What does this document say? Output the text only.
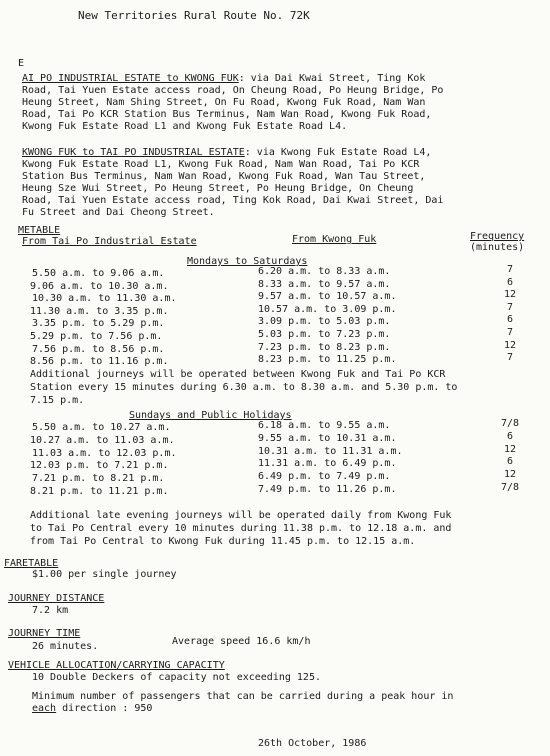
New Territories Rural Route No. 72K
E
AI PO INDUSTRIAL ESTATE to KWONG FUK: via Dai Kwai Street, Ting Kok
Road, Tai Yuen Estate access road, On Cheung Road, Po Heung Bridge, Po
Heung Street, Nam Shing Street, On Fu Road, Kwong Fuk Road, Nam Wan
Road, Tai Po KCR Station Bus Terminus, Nam Wan Road, Kwong Fuk Road,
Kwong Fuk Estate Road L1 and Kwong Fuk Estate Road L4.
KWONG FUK to TAI PO INDUSTRIAL ESTATE: via Kwong Fuk Estate Road L4,
Kwong Fuk Estate Road L1, Kwong Fuk Road, Nam Wan Road, Tai Po KCR
Station Bus Terminus, Nam Wan Road, Kwong Fuk Road, Wan Tau Street,
Heung Sze Wui Street, Po Heung Street, Po Heung Bridge, On Cheung
Road, Tai Yuen Estate access road, Ting Kok Road, Dai Kwai Street, Dai
Fu Street and Dai Cheong Street.
METABLE
From Tai Po Industrial Estate	From Kwong Fuk	Frequency
(minutes)
Mondays to Saturdays
5.50 a.m. to 9.06 a.m.	6.20 a.m. to 8.33 a.m.	7
9.06 a.m. to 10.30 a.m.	8.33 a.m. to 9.57 a.m.	6
10.30 a.m. to 11.30 a.m.	9.57 a.m. to 10.57 a.m.	12
11.30 a.m. to 3.35 p.m.	10.57 a.m. to 3.09 p.m.	7
3.35 p.m. to 5.29 p.m.	3.09 p.m. to 5.03 p.m.	6
5.29 p.m. to 7.56 p.m.	5.03 p.m. to 7.23 p.m.	7
7.56 p.m. to 8.56 p.m.	7.23 p.m. to 8.23 p.m.	12
8.56 p.m. to 11.16 p.m.	8.23 p.m. to 11.25 p.m.	7
Additional journeys will be operated between Kwong Fuk and Tai Po KCR
Station every 15 minutes during 6.30 a.m. to 8.30 a.m. and 5.30 p.m. to
7.15 p.m.
Sundays and Public Holidays
5.50 a.m. to 10.27 a.m.	6.18 a.m. to 9.55 a.m.	7/8
10.27 a.m. to 11.03 a.m.	9.55 a.m. to 10.31 a.m.	6
11.03 a.m. to 12.03 p.m.	10.31 a.m. to 11.31 a.m.	12
12.03 p.m. to 7.21 p.m.	11.31 a.m. to 6.49 p.m.	6
7.21 p.m. to 8.21 p.m.	6.49 p.m. to 7.49 p.m.	12
8.21 p.m. to 11.21 p.m.	7.49 p.m. to 11.26 p.m.	7/8
Additional late evening journeys will be operated daily from Kwong Fuk
to Tai Po Central every 10 minutes during 11.38 p.m. to 12.18 a.m. and
from Tai Po Central to Kwong Fuk during 11.45 p.m. to 12.15 a.m.
FARETABLE
$1.00 per single journey
JOURNEY DISTANCE
7.2 km
JOURNEY TIME
26 minutes.	Average speed 16.6 km/h
VEHICLE ALLOCATION/CARRYING CAPACITY
10 Double Deckers of capacity not exceeding 125.
Minimum number of passengers that can be carried during a peak hour in
each direction : 950
26th October, 1986
